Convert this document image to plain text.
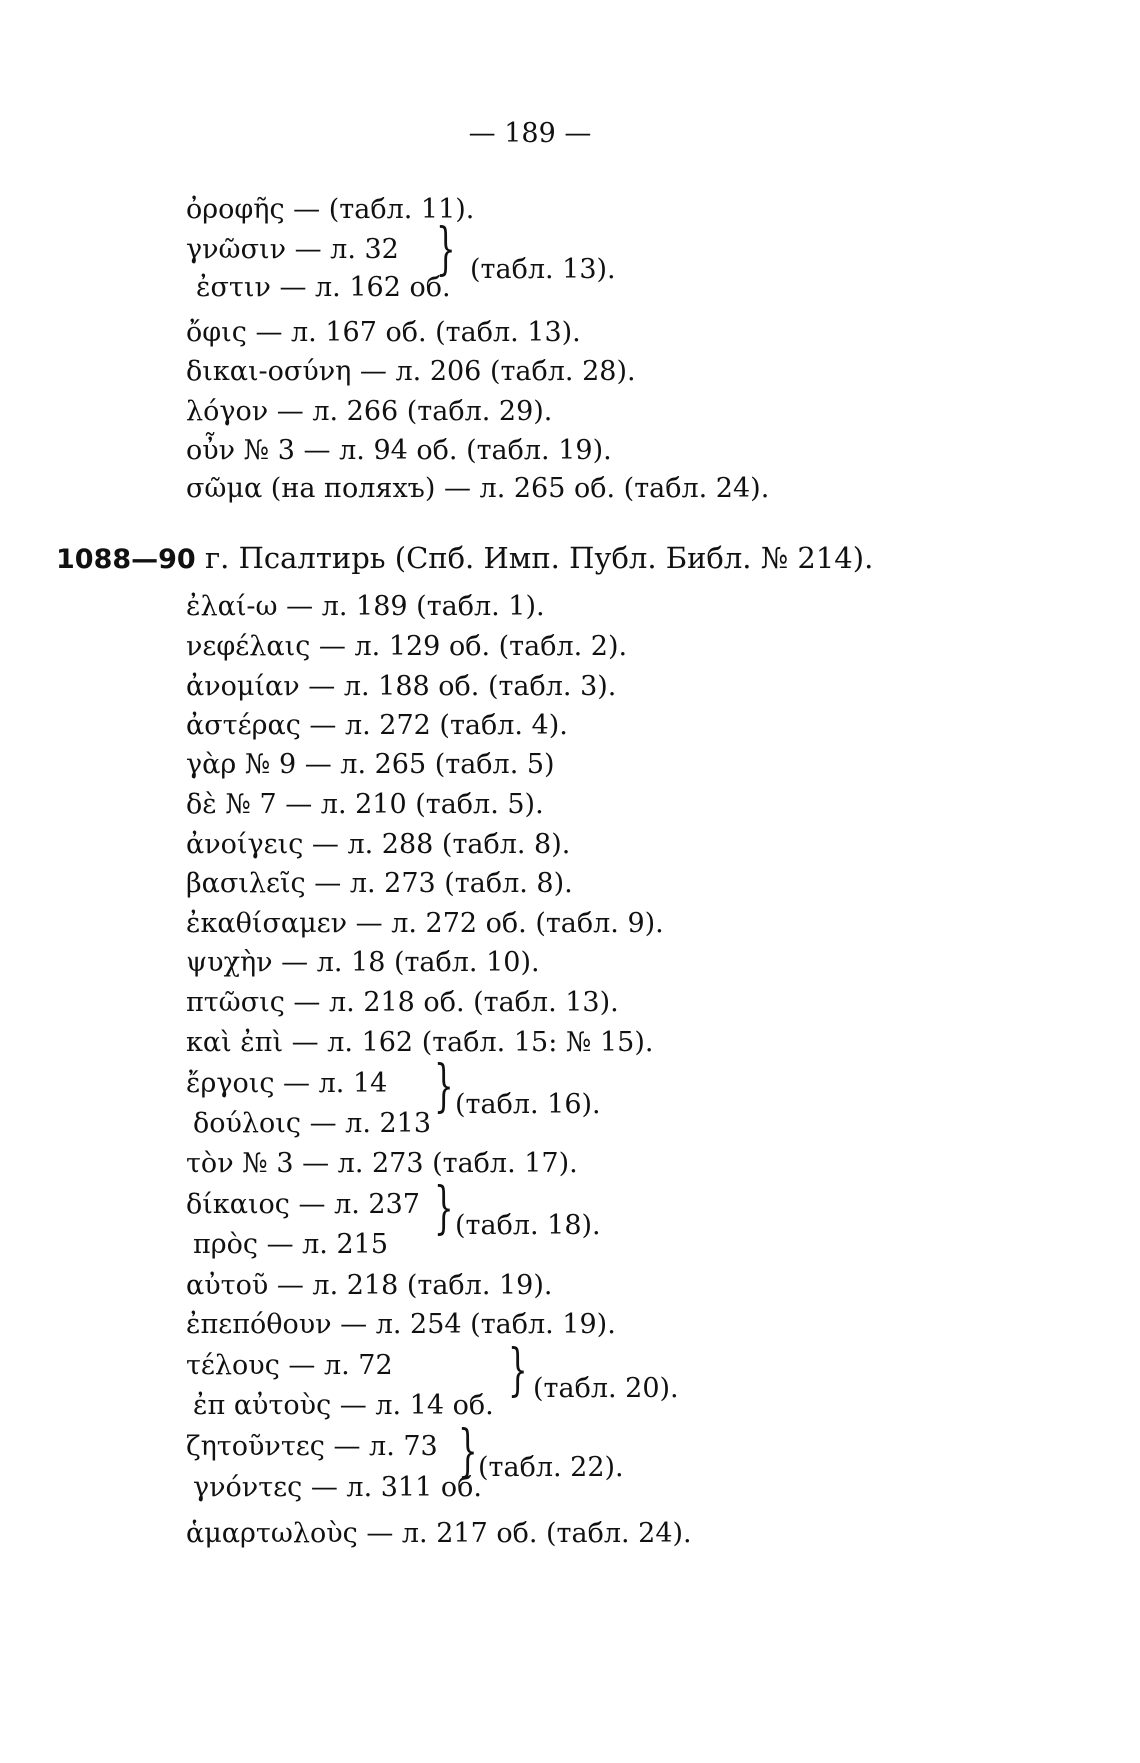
— 189 —
ὀροφῆς — (табл. 11).
γνῶσιν — л. 32
ἐστιν — л. 162 об.
ὄφις — л. 167 об. (табл. 13).
δικαι-οσύνη — л. 206 (табл. 28).
λόγον — л. 266 (табл. 29).
οὖν № 3 — л. 94 об. (табл. 19).
σῶμα (на поляхъ) — л. 265 об. (табл. 24).
} (табл. 13).
1088—90 г. Псалтирь (Спб. Имп. Публ. Библ. № 214).
ἐλαί-ω — л. 189 (табл. 1).
νεφέλαις — л. 129 об. (табл. 2).
ἀνομίαν — л. 188 об. (табл. 3).
ἀστέρας — л. 272 (табл. 4).
γὰρ № 9 — л. 265 (табл. 5)
δὲ № 7 — л. 210 (табл. 5).
ἀνοίγεις — л. 288 (табл. 8).
βασιλεῖς — л. 273 (табл. 8).
ἐκαθίσαμεν — л. 272 об. (табл. 9).
ψυχὴν — л. 18 (табл. 10).
πτῶσις — л. 218 об. (табл. 13).
καὶ ἐπὶ — л. 162 (табл. 15: № 15).
ἔργοις — л. 14
δούλοις — л. 213
τὸν № 3 — л. 273 (табл. 17).
δίκαιος — л. 237
πρὸς — л. 215
αὐτοῦ — л. 218 (табл. 19).
ἐπεπόθουν — л. 254 (табл. 19).
τέλους — л. 72
ἐπ αὐτοὺς — л. 14 об.
ζητοῦντες — л. 73
γνόντες — л. 311 об.
ἁμαρτωλοὺς — л. 217 об. (табл. 24).
} (табл. 16).
} (табл. 18).
} (табл. 20).
} (табл. 22).
